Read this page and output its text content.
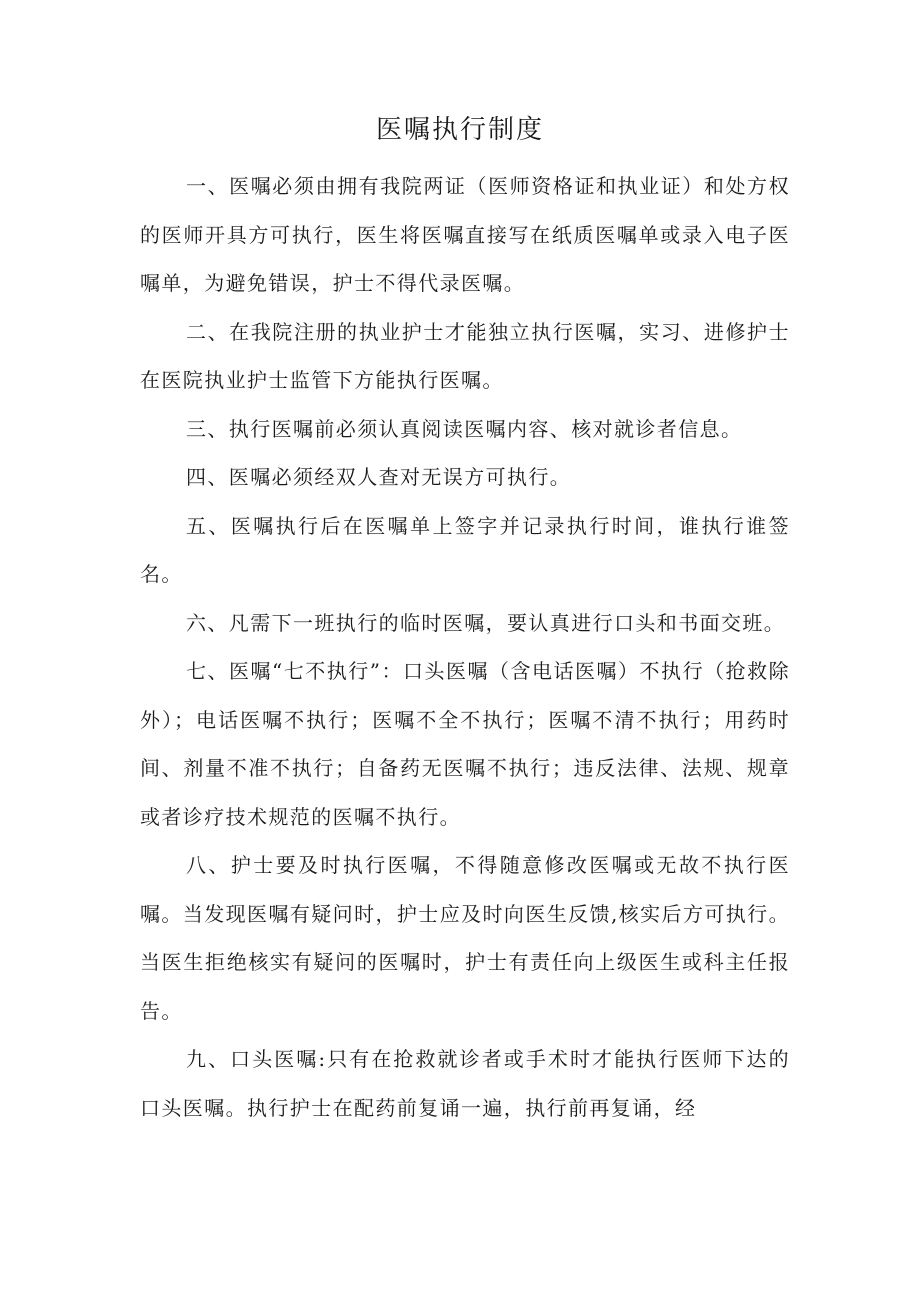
医嘱执行制度

一、医嘱必须由拥有我院两证（医师资格证和执业证）和处方权的医师开具方可执行，医生将医嘱直接写在纸质医嘱单或录入电子医嘱单，为避免错误，护士不得代录医嘱。

二、在我院注册的执业护士才能独立执行医嘱，实习、进修护士在医院执业护士监管下方能执行医嘱。

三、执行医嘱前必须认真阅读医嘱内容、核对就诊者信息。

四、医嘱必须经双人查对无误方可执行。

五、医嘱执行后在医嘱单上签字并记录执行时间，谁执行谁签名。

六、凡需下一班执行的临时医嘱，要认真进行口头和书面交班。

七、医嘱“七不执行”：口头医嘱（含电话医嘱）不执行（抢救除外）；电话医嘱不执行；医嘱不全不执行；医嘱不清不执行；用药时间、剂量不准不执行；自备药无医嘱不执行；违反法律、法规、规章或者诊疗技术规范的医嘱不执行。

八、护士要及时执行医嘱，不得随意修改医嘱或无故不执行医嘱。当发现医嘱有疑问时，护士应及时向医生反馈,核实后方可执行。当医生拒绝核实有疑问的医嘱时，护士有责任向上级医生或科主任报告。

九、口头医嘱:只有在抢救就诊者或手术时才能执行医师下达的口头医嘱。执行护士在配药前复诵一遍，执行前再复诵，经
